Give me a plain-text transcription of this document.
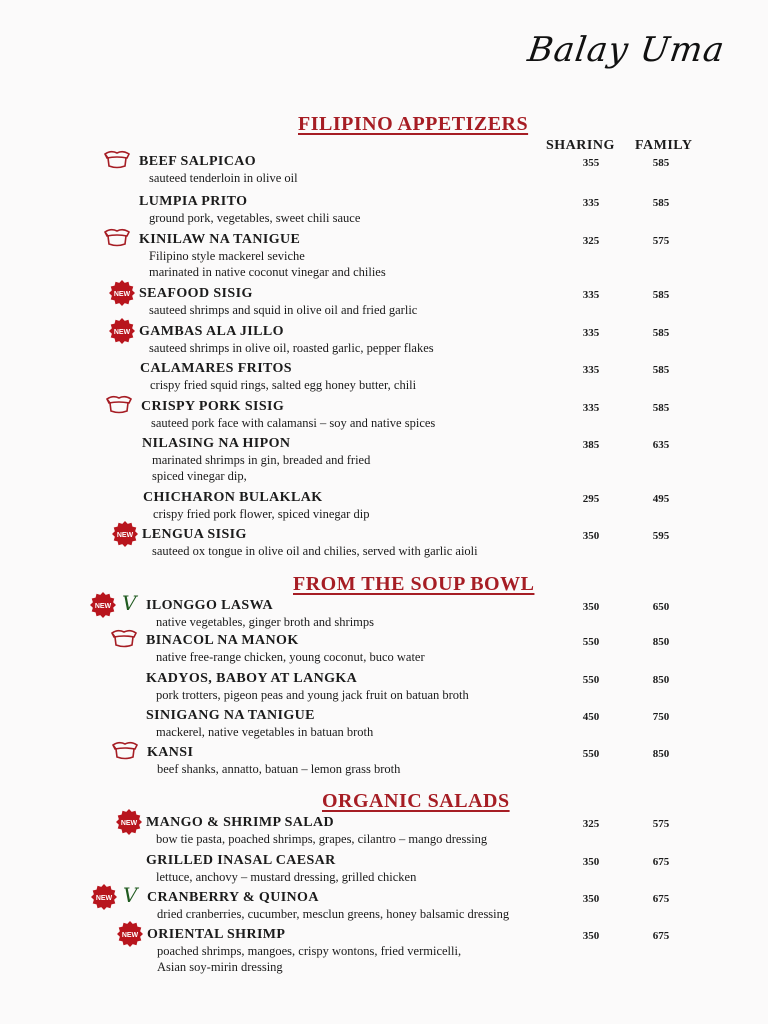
Balay Uma
SHARING FAMILY
FILIPINO APPETIZERS
BEEF SALPICAO
sauteed tenderloin in olive oil
355	585
LUMPIA PRITO
ground pork, vegetables, sweet chili sauce
335	585
KINILAW NA TANIGUE
Filipino style mackerel seviche
marinated in native coconut vinegar and chilies
325	575
NEW SEAFOOD SISIG
sauteed shrimps and squid in olive oil and fried garlic
335	585
NEW GAMBAS ALA JILLO
sauteed shrimps in olive oil, roasted garlic, pepper flakes
335	585
CALAMARES FRITOS
crispy fried squid rings, salted egg honey butter, chili
335	585
CRISPY PORK SISIG
sauteed pork face with calamansi – soy and native spices
335	585
NILASING NA HIPON
marinated shrimps in gin, breaded and fried
spiced vinegar dip,
385	635
CHICHARON BULAKLAK
crispy fried pork flower, spiced vinegar dip
295	495
NEW LENGUA SISIG
sauteed ox tongue in olive oil and chilies, served with garlic aioli
350	595
FROM THE SOUP BOWL
NEW V ILONGGO LASWA
native vegetables, ginger broth and shrimps
350	650
BINACOL NA MANOK
native free-range chicken, young coconut, buco water
550	850
KADYOS, BABOY AT LANGKA
pork trotters, pigeon peas and young jack fruit on batuan broth
550	850
SINIGANG NA TANIGUE
mackerel, native vegetables in batuan broth
450	750
KANSI
beef shanks, annatto, batuan – lemon grass broth
550	850
ORGANIC SALADS
NEW MANGO & SHRIMP SALAD
bow tie pasta, poached shrimps, grapes, cilantro – mango dressing
325	575
GRILLED INASAL CAESAR
lettuce, anchovy – mustard dressing, grilled chicken
350	675
NEW V CRANBERRY & QUINOA
dried cranberries, cucumber, mesclun greens, honey balsamic dressing
350	675
NEW ORIENTAL SHRIMP
poached shrimps, mangoes, crispy wontons, fried vermicelli,
Asian soy-mirin dressing
350	675
